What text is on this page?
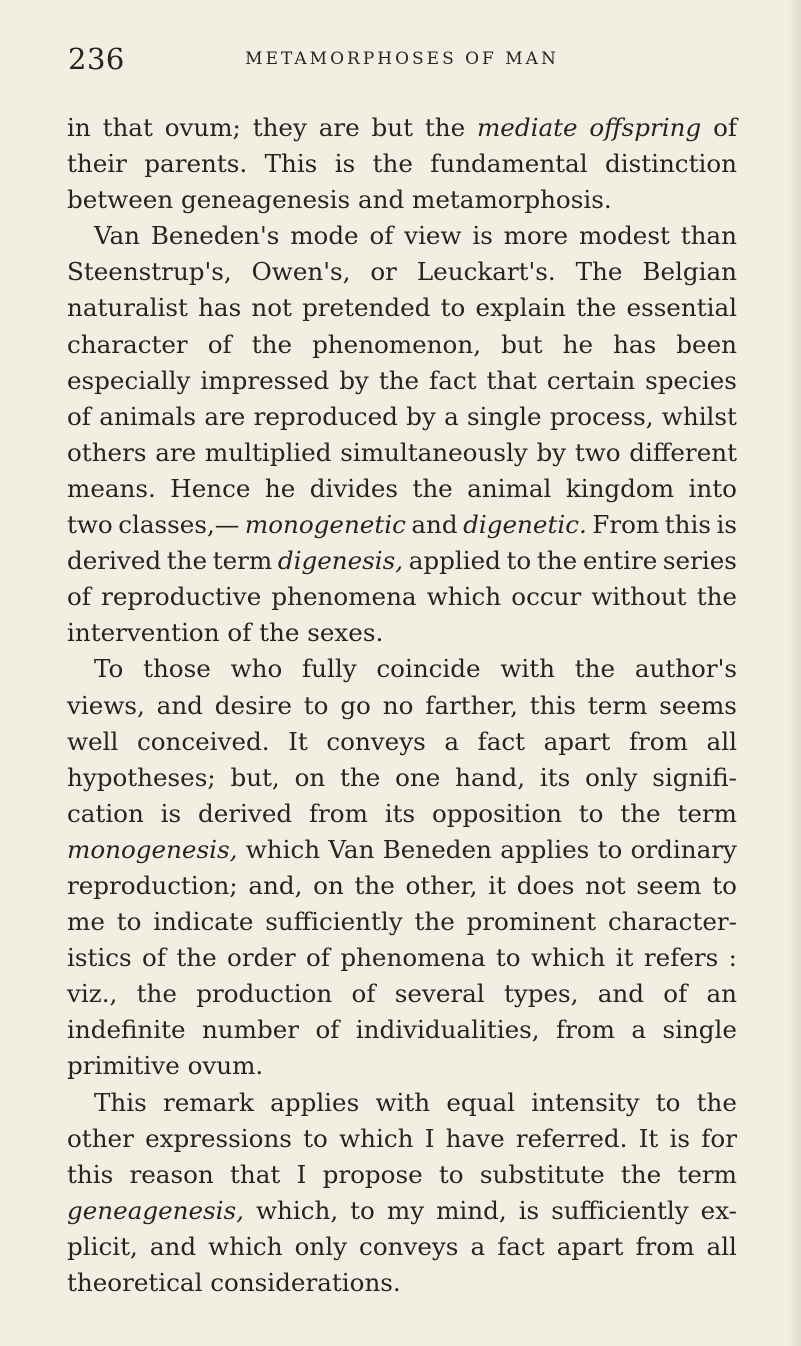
236	METAMORPHOSES OF MAN
in that ovum; they are but the mediate offspring of
their parents. This is the fundamental distinction
between geneagenesis and metamorphosis.
Van Beneden's mode of view is more modest than
Steenstrup's, Owen's, or Leuckart's. The Belgian
naturalist has not pretended to explain the essential
character of the phenomenon, but he has been
especially impressed by the fact that certain species
of animals are reproduced by a single process, whilst
others are multiplied simultaneously by two different
means. Hence he divides the animal kingdom into
two classes,— monogenetic and digenetic. From this is
derived the term digenesis, applied to the entire series
of reproductive phenomena which occur without the
intervention of the sexes.
To those who fully coincide with the author's
views, and desire to go no farther, this term seems
well conceived. It conveys a fact apart from all
hypotheses; but, on the one hand, its only signifi-
cation is derived from its opposition to the term
monogenesis, which Van Beneden applies to ordinary
reproduction; and, on the other, it does not seem to
me to indicate sufficiently the prominent character-
istics of the order of phenomena to which it refers :
viz., the production of several types, and of an
indefinite number of individualities, from a single
primitive ovum.
This remark applies with equal intensity to the
other expressions to which I have referred. It is for
this reason that I propose to substitute the term
geneagenesis, which, to my mind, is sufficiently ex-
plicit, and which only conveys a fact apart from all
theoretical considerations.
